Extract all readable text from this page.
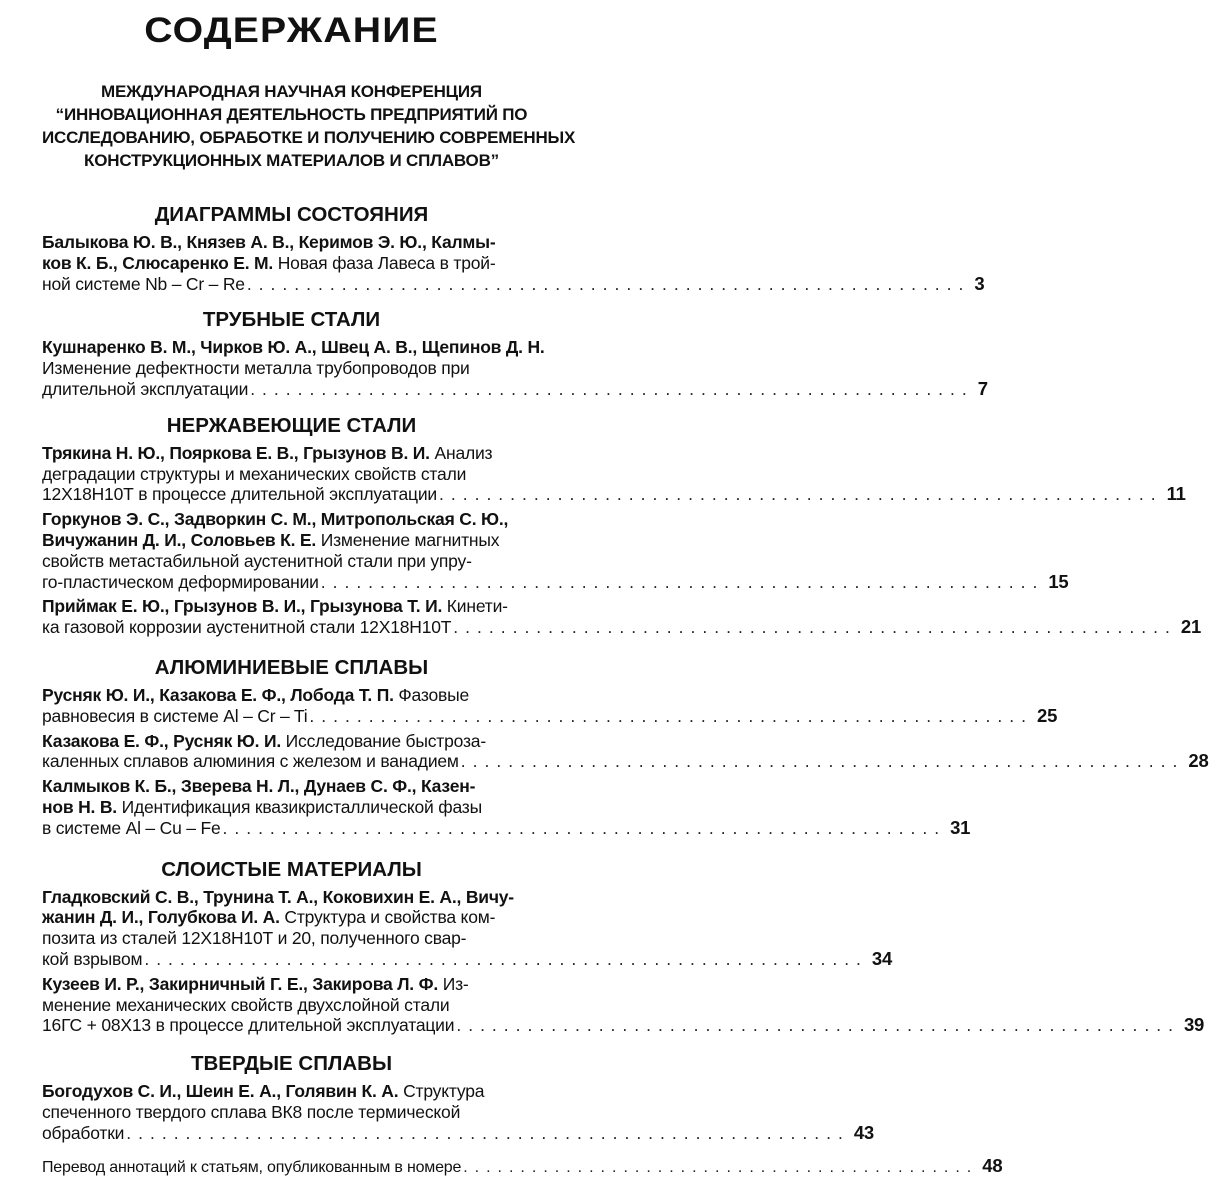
СОДЕРЖАНИЕ
МЕЖДУНАРОДНАЯ НАУЧНАЯ КОНФЕРЕНЦИЯ
“ИННОВАЦИОННАЯ ДЕЯТЕЛЬНОСТЬ ПРЕДПРИЯТИЙ ПО
ИССЛЕДОВАНИЮ, ОБРАБОТКЕ И ПОЛУЧЕНИЮ СОВРЕМЕННЫХ
КОНСТРУКЦИОННЫХ МАТЕРИАЛОВ И СПЛАВОВ”
ДИАГРАММЫ СОСТОЯНИЯ
Балыкова Ю. В., Князев А. В., Керимов Э. Ю., Калмы-
ков К. Б., Слюсаренко Е. М. Новая фаза Лавеса в трой-
ной системе Nb – Cr – Re ............................................................. 3
ТРУБНЫЕ СТАЛИ
Кушнаренко В. М., Чирков Ю. А., Швец А. В., Щепинов Д. Н.
Изменение дефектности металла трубопроводов при
длительной эксплуатации ............................................................. 7
НЕРЖАВЕЮЩИЕ СТАЛИ
Трякина Н. Ю., Пояркова Е. В., Грызунов В. И. Анализ
деградации структуры и механических свойств стали
12Х18Н10Т в процессе длительной эксплуатации ............................................................. 11
Горкунов Э. С., Задворкин С. М., Митропольская С. Ю.,
Вичужанин Д. И., Соловьев К. Е. Изменение магнитных
свойств метастабильной аустенитной стали при упру-
го-пластическом деформировании ............................................................. 15
Приймак Е. Ю., Грызунов В. И., Грызунова Т. И. Кинети-
ка газовой коррозии аустенитной стали 12Х18Н10Т ............................................................. 21
АЛЮМИНИЕВЫЕ СПЛАВЫ
Русняк Ю. И., Казакова Е. Ф., Лобода Т. П. Фазовые
равновесия в системе Al – Cr – Ti ............................................................. 25
Казакова Е. Ф., Русняк Ю. И. Исследование быстроза-
каленных сплавов алюминия с железом и ванадием ............................................................. 28
Калмыков К. Б., Зверева Н. Л., Дунаев С. Ф., Казен-
нов Н. В. Идентификация квазикристаллической фазы
в системе Al – Cu – Fe ............................................................. 31
СЛОИСТЫЕ МАТЕРИАЛЫ
Гладковский С. В., Трунина Т. А., Коковихин Е. А., Вичу-
жанин Д. И., Голубкова И. А. Структура и свойства ком-
позита из сталей 12Х18Н10Т и 20, полученного свар-
кой взрывом ............................................................. 34
Кузеев И. Р., Закирничный Г. Е., Закирова Л. Ф. Из-
менение механических свойств двухслойной стали
16ГС + 08Х13 в процессе длительной эксплуатации ............................................................. 39
ТВЕРДЫЕ СПЛАВЫ
Богодухов С. И., Шеин Е. А., Голявин К. А. Структура
спеченного твердого сплава ВК8 после термической
обработки ............................................................. 43
Перевод аннотаций к статьям, опубликованным в номере ............................................. 48
